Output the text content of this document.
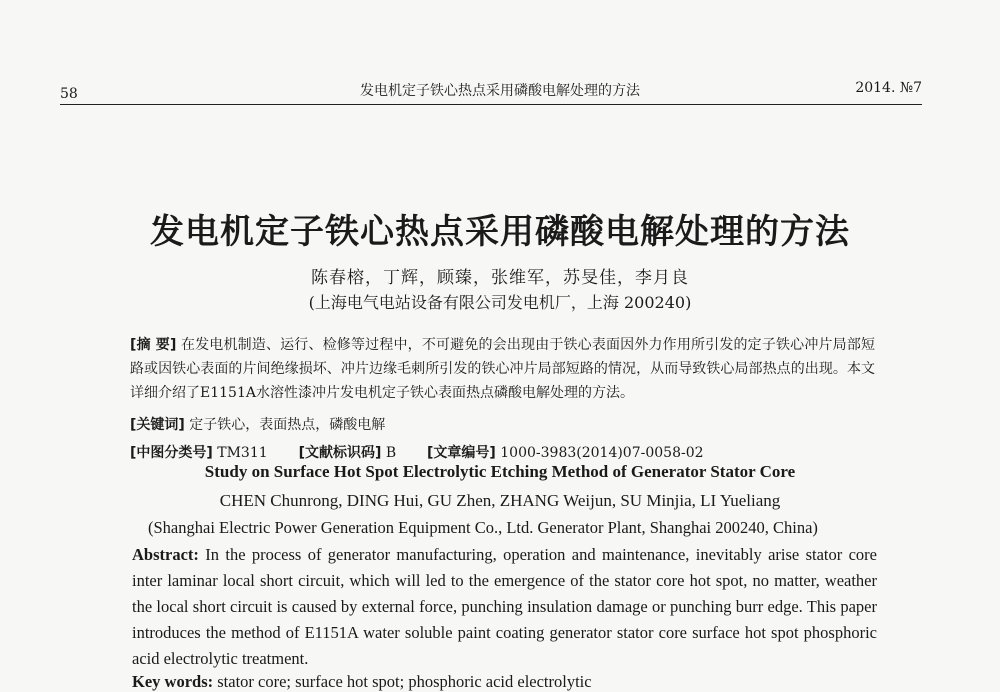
58	发电机定子铁心热点采用磷酸电解处理的方法	2014. №7
发电机定子铁心热点采用磷酸电解处理的方法
陈春榕，丁辉，顾臻，张维军，苏旻佳，李月良
(上海电气电站设备有限公司发电机厂，上海 200240)
[摘 要] 在发电机制造、运行、检修等过程中，不可避免的会出现由于铁心表面因外力作用所引发的定子铁心冲片局部短路或因铁心表面的片间绝缘损坏、冲片边缘毛刺所引发的铁心冲片局部短路的情况，从而导致铁心局部热点的出现。本文详细介绍了E1151A水溶性漆冲片发电机定子铁心表面热点磷酸电解处理的方法。
[关键词] 定子铁心，表面热点，磷酸电解
[中图分类号] TM311 [文献标识码] B [文章编号] 1000-3983(2014)07-0058-02
Study on Surface Hot Spot Electrolytic Etching Method of Generator Stator Core
CHEN Chunrong, DING Hui, GU Zhen, ZHANG Weijun, SU Minjia, LI Yueliang
(Shanghai Electric Power Generation Equipment Co., Ltd. Generator Plant, Shanghai 200240, China)
Abstract: In the process of generator manufacturing, operation and maintenance, inevitably arise stator core inter laminar local short circuit, which will led to the emergence of the stator core hot spot, no matter, weather the local short circuit is caused by external force, punching insulation damage or punching burr edge. This paper introduces the method of E1151A water soluble paint coating generator stator core surface hot spot phosphoric acid electrolytic treatment.
Key words: stator core; surface hot spot; phosphoric acid electrolytic
